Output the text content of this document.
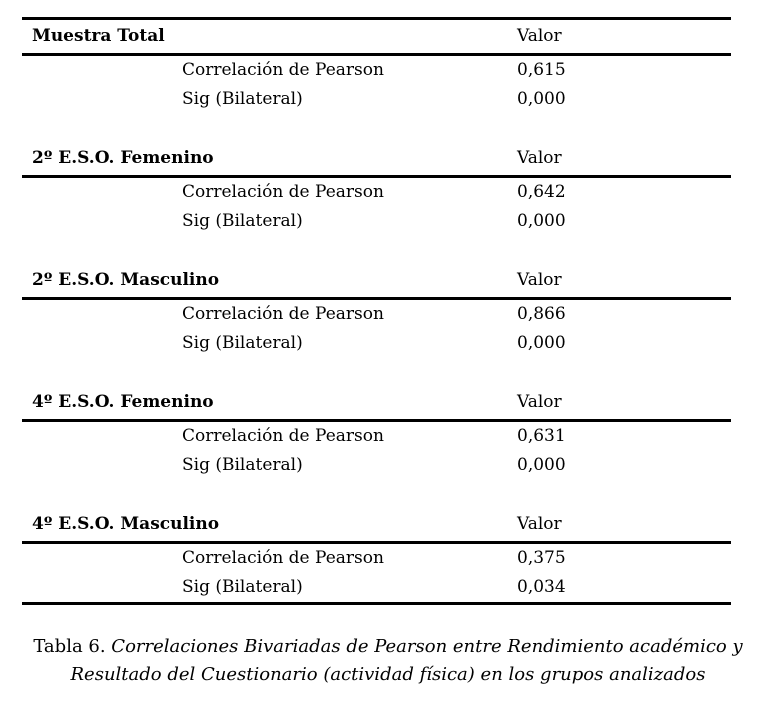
Muestra Total	Valor
Correlación de Pearson	0,615
Sig (Bilateral)	0,000
2º E.S.O. Femenino	Valor
Correlación de Pearson	0,642
Sig (Bilateral)	0,000
2º E.S.O. Masculino	Valor
Correlación de Pearson	0,866
Sig (Bilateral)	0,000
4º E.S.O. Femenino	Valor
Correlación de Pearson	0,631
Sig (Bilateral)	0,000
4º E.S.O. Masculino	Valor
Correlación de Pearson	0,375
Sig (Bilateral)	0,034
Tabla 6. Correlaciones Bivariadas de Pearson entre Rendimiento académico y
Resultado del Cuestionario (actividad física) en los grupos analizados
